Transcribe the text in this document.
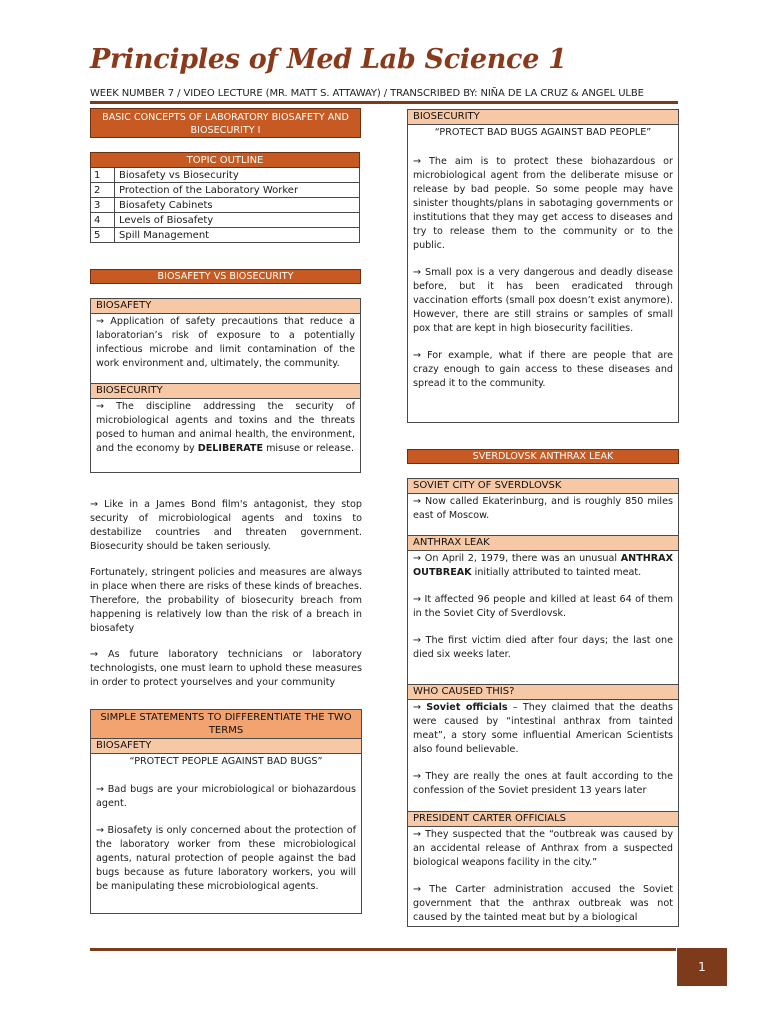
Principles of Med Lab Science 1
WEEK NUMBER 7 / VIDEO LECTURE (MR. MATT S. ATTAWAY) / TRANSCRIBED BY: NIÑA DE LA CRUZ & ANGEL ULBE
BASIC CONCEPTS OF LABORATORY BIOSAFETY AND BIOSECURITY I
TOPIC OUTLINE	
1	Biosafety vs Biosecurity
2	Protection of the Laboratory Worker
3	Biosafety Cabinets
4	Levels of Biosafety
5	Spill Management
BIOSAFETY VS BIOSECURITY
BIOSAFETY
→ Application of safety precautions that reduce a laboratorian’s risk of exposure to a potentially infectious microbe and limit contamination of the work environment and, ultimately, the community.
BIOSECURITY
→ The discipline addressing the security of microbiological agents and toxins and the threats posed to human and animal health, the environment, and the economy by DELIBERATE misuse or release.

→ Like in a James Bond film's antagonist, they stop security of microbiological agents and toxins to destabilize countries and threaten government. Biosecurity should be taken seriously.

Fortunately, stringent policies and measures are always in place when there are risks of these kinds of breaches. Therefore, the probability of biosecurity breach from happening is relatively low than the risk of a breach in biosafety

→ As future laboratory technicians or laboratory technologists, one must learn to uphold these measures in order to protect yourselves and your community

SIMPLE STATEMENTS TO DIFFERENTIATE THE TWO TERMS
BIOSAFETY

“PROTECT PEOPLE AGAINST BAD BUGS”

→ Bad bugs are your microbiological or biohazardous agent.

→ Biosafety is only concerned about the protection of the laboratory worker from these microbiological agents, natural protection of people against the bad bugs because as future laboratory workers, you will be manipulating these microbiological agents.

BIOSECURITY

“PROTECT BAD BUGS AGAINST BAD PEOPLE”

→ The aim is to protect these biohazardous or microbiological agent from the deliberate misuse or release by bad people. So some people may have sinister thoughts/plans in sabotaging governments or institutions that they may get access to diseases and try to release them to the community or to the public.

→ Small pox is a very dangerous and deadly disease before, but it has been eradicated through vaccination efforts (small pox doesn’t exist anymore). However, there are still strains or samples of small pox that are kept in high biosecurity facilities.

→ For example, what if there are people that are crazy enough to gain access to these diseases and spread it to the community.

SVERDLOVSK ANTHRAX LEAK
SOVIET CITY OF SVERDLOVSK
→ Now called Ekaterinburg, and is roughly 850 miles east of Moscow.
ANTHRAX LEAK

→ On April 2, 1979, there was an unusual ANTHRAX OUTBREAK initially attributed to tainted meat.

→ It affected 96 people and killed at least 64 of them in the Soviet City of Sverdlovsk.

→ The first victim died after four days; the last one died six weeks later.

WHO CAUSED THIS?

→ Soviet officials – They claimed that the deaths were caused by “intestinal anthrax from tainted meat”, a story some influential American Scientists also found believable.

→ They are really the ones at fault according to the confession of the Soviet president 13 years later

PRESIDENT CARTER OFFICIALS

→ They suspected that the “outbreak was caused by an accidental release of Anthrax from a suspected biological weapons facility in the city.”

→ The Carter administration accused the Soviet government that the anthrax outbreak was not caused by the tainted meat but by a biological

1
